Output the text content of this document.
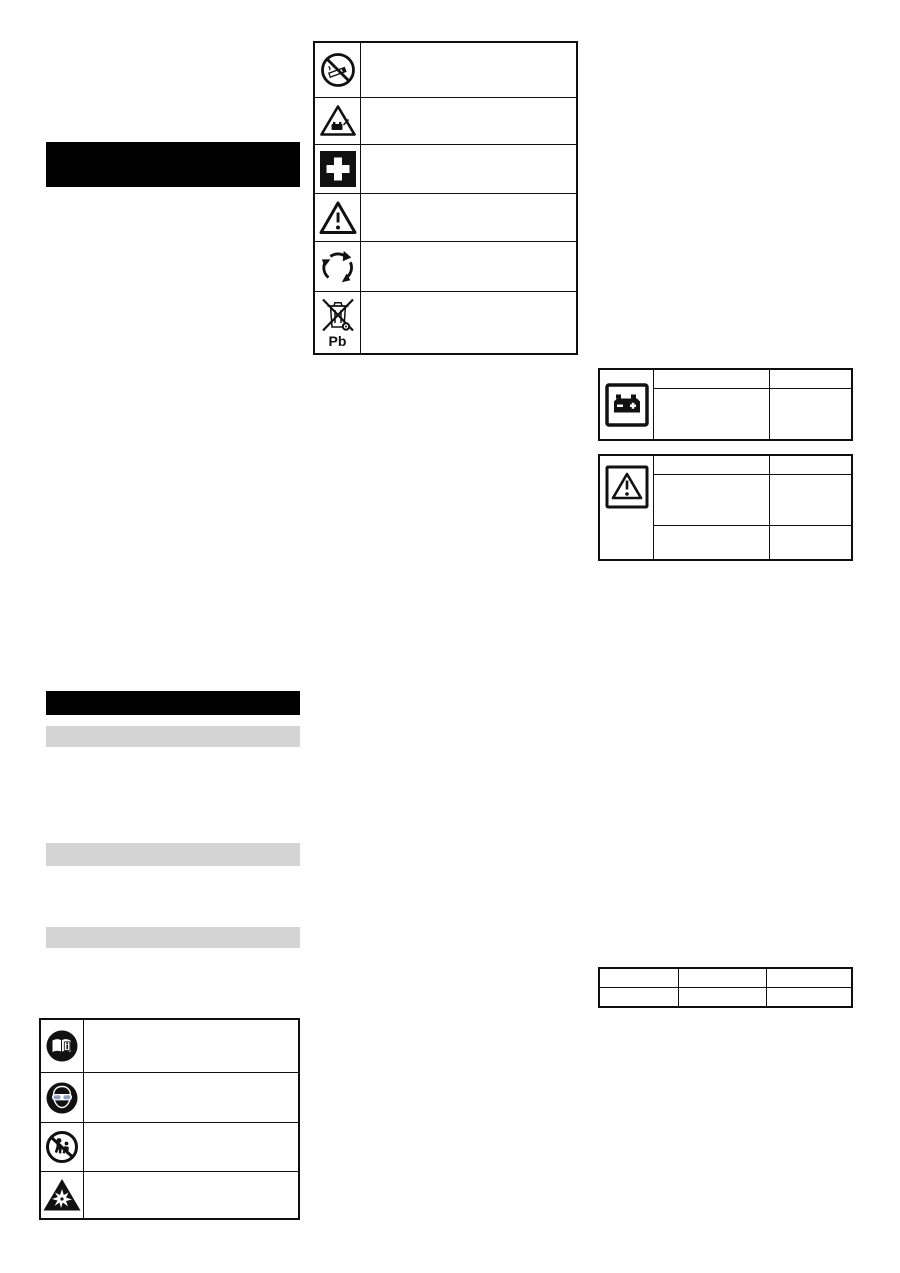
Pb
